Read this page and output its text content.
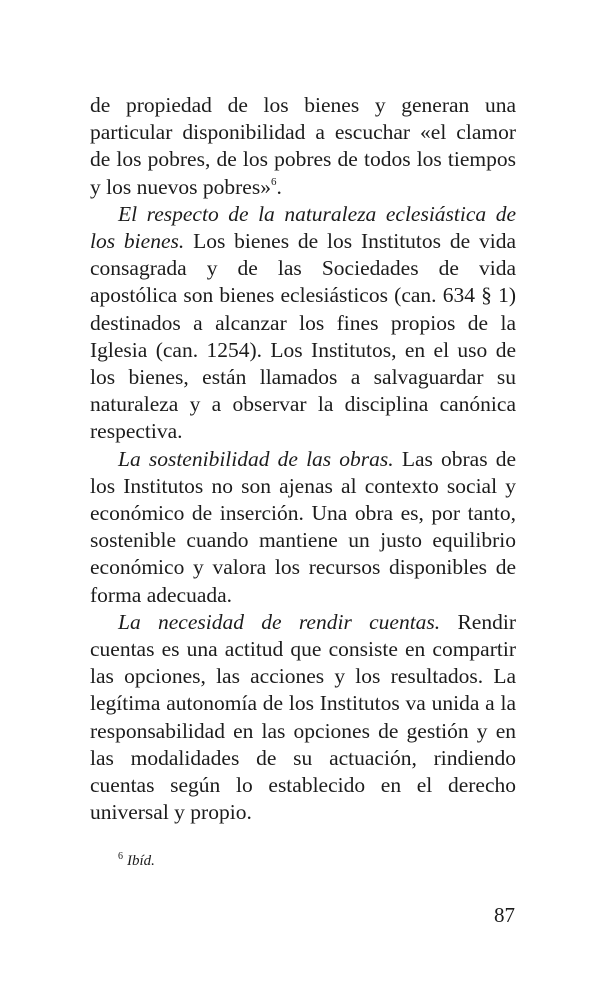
de propiedad de los bienes y generan una particular disponibilidad a escuchar «el clamor de los pobres, de los pobres de todos los tiempos y los nuevos pobres»$^6$.

El respecto de la naturaleza eclesiástica de los bienes. Los bienes de los Institutos de vida consagrada y de las Sociedades de vida apostólica son bienes eclesiásticos (can. 634 § 1) destinados a alcanzar los fines propios de la Iglesia (can. 1254). Los Institutos, en el uso de los bienes, están llamados a salvaguardar su naturaleza y a observar la disciplina canónica respectiva.

La sostenibilidad de las obras. Las obras de los Institutos no son ajenas al contexto social y económico de inserción. Una obra es, por tanto, sostenible cuando mantiene un justo equilibrio económico y valora los recursos disponibles de forma adecuada.

La necesidad de rendir cuentas. Rendir cuentas es una actitud que consiste en compartir las opciones, las acciones y los resultados. La legítima autonomía de los Institutos va unida a la responsabilidad en las opciones de gestión y en las modalidades de su actuación, rindiendo cuentas según lo establecido en el derecho universal y propio.

$^6$ Ibíd.
87
